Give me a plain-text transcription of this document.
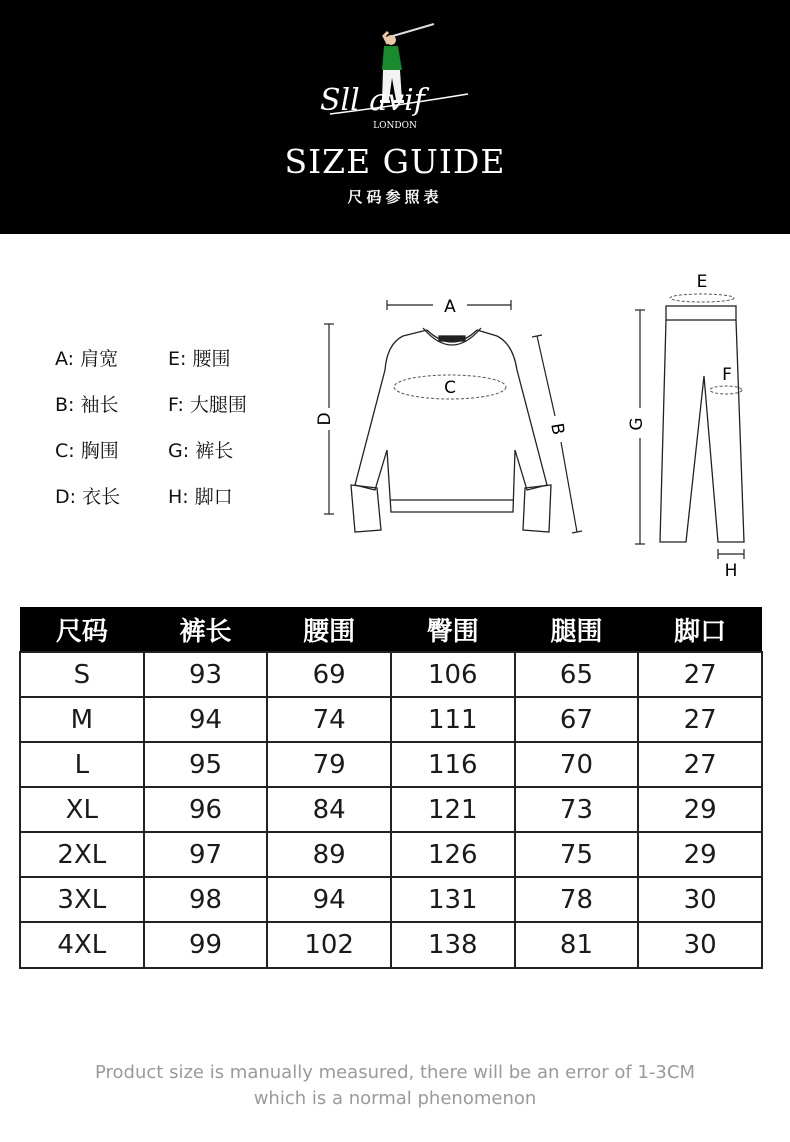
Sll avif
LONDON
SIZE GUIDE
尺码参照表
A: 肩宽
B: 袖长
C: 胸围
D: 衣长
E: 腰围
F: 大腿围
G: 裤长
H: 脚口
A
C
D
B
E
F
G
H
尺码	裤长	腰围	臀围	腿围	脚口
S	93	69	106	65	27
M	94	74	111	67	27
L	95	79	116	70	27
XL	96	84	121	73	29
2XL	97	89	126	75	29
3XL	98	94	131	78	30
4XL	99	102	138	81	30
Product size is manually measured, there will be an error of 1-3CM
which is a normal phenomenon
